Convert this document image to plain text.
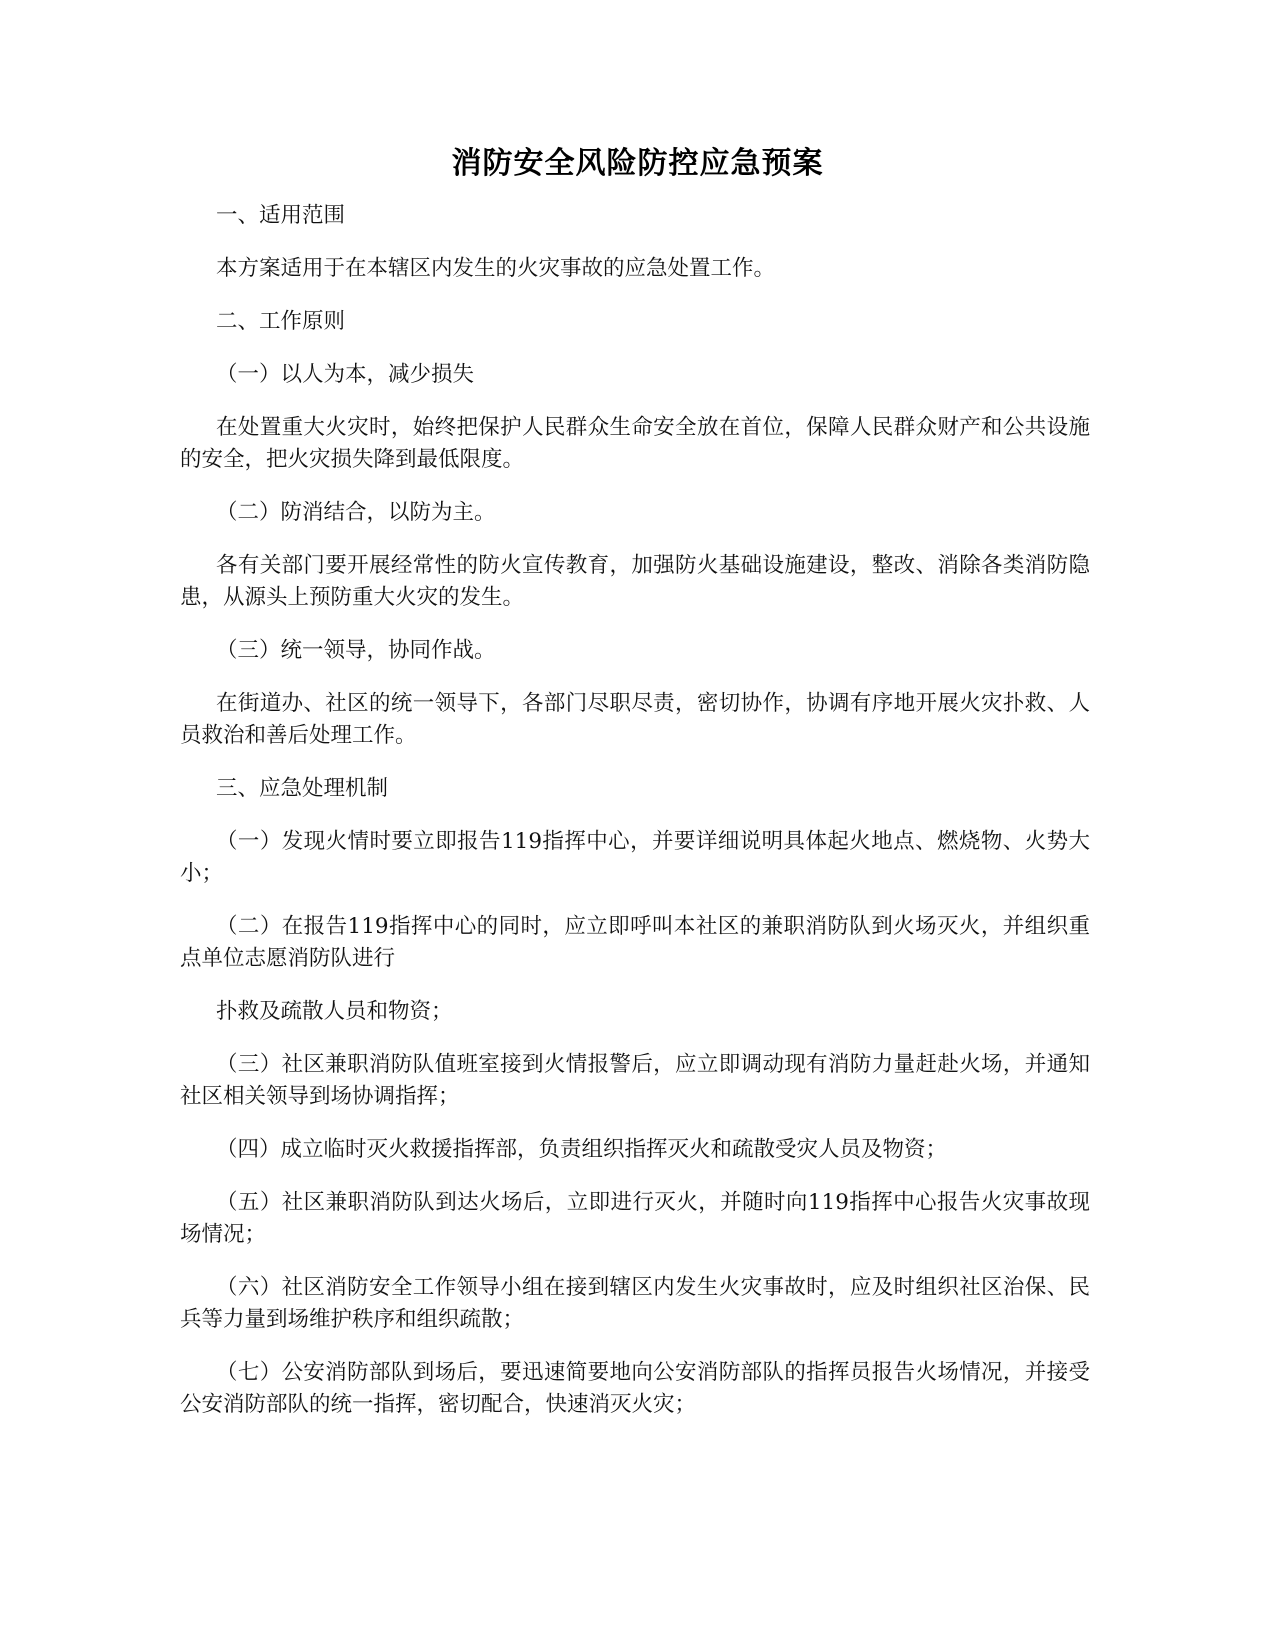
消防安全风险防控应急预案

一、适用范围

本方案适用于在本辖区内发生的火灾事故的应急处置工作。

二、工作原则

（一）以人为本，减少损失

在处置重大火灾时，始终把保护人民群众生命安全放在首位，保障人民群众财产和公共设施的安全，把火灾损失降到最低限度。

（二）防消结合，以防为主。

各有关部门要开展经常性的防火宣传教育，加强防火基础设施建设，整改、消除各类消防隐患，从源头上预防重大火灾的发生。

（三）统一领导，协同作战。

在街道办、社区的统一领导下，各部门尽职尽责，密切协作，协调有序地开展火灾扑救、人员救治和善后处理工作。

三、应急处理机制

（一）发现火情时要立即报告119指挥中心，并要详细说明具体起火地点、燃烧物、火势大小；

（二）在报告119指挥中心的同时，应立即呼叫本社区的兼职消防队到火场灭火，并组织重点单位志愿消防队进行

扑救及疏散人员和物资；

（三）社区兼职消防队值班室接到火情报警后，应立即调动现有消防力量赶赴火场，并通知社区相关领导到场协调指挥；

（四）成立临时灭火救援指挥部，负责组织指挥灭火和疏散受灾人员及物资；

（五）社区兼职消防队到达火场后，立即进行灭火，并随时向119指挥中心报告火灾事故现场情况；

（六）社区消防安全工作领导小组在接到辖区内发生火灾事故时，应及时组织社区治保、民兵等力量到场维护秩序和组织疏散；

（七）公安消防部队到场后，要迅速简要地向公安消防部队的指挥员报告火场情况，并接受公安消防部队的统一指挥，密切配合，快速消灭火灾；
